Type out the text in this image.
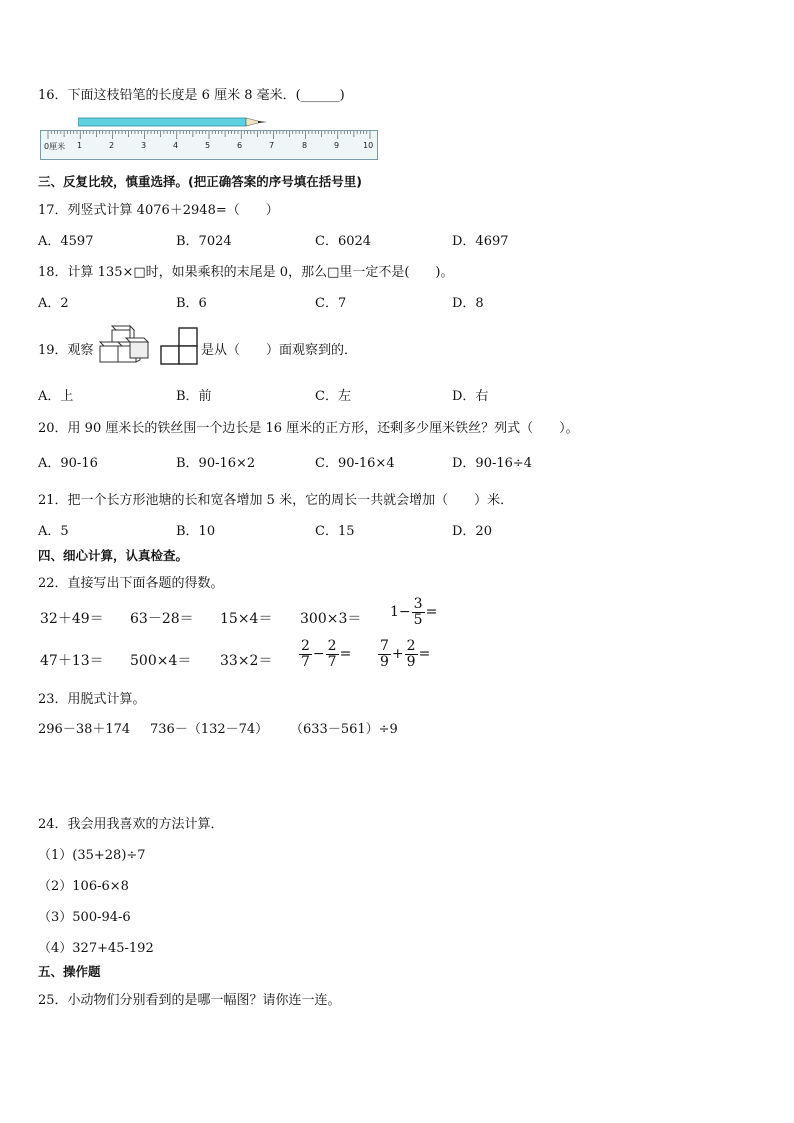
16．下面这枝铅笔的长度是 6 厘米 8 毫米．(______)
0厘米 1	2	3	4	5	6	7	8	9	10
三、反复比较，慎重选择。(把正确答案的序号填在括号里)
17．列竖式计算 4076＋2948=（　　）
A．4597	B．7024	C．6024	D．4697
18．计算 135×□时，如果乘积的末尾是 0，那么□里一定不是(　　)。
A．2	B．6	C．7	D．8
19．观察	是从（　　）面观察到的．
A．上	B．前	C．左	D．右
20．用 90 厘米长的铁丝围一个边长是 16 厘米的正方形，还剩多少厘米铁丝？列式（　　）。
A．90-16	B．90-16×2	C．90-16×4	D．90-16÷4
21．把一个长方形池塘的长和宽各增加 5 米，它的周长一共就会增加（　　）米．
A．5	B．10	C．15	D．20
四、细心计算，认真检查。
22．直接写出下面各题的得数。
$32+49= 63-28= 15\times 4= 300\times 3= 1- \frac{3}{5}$ =
$47+13= 500\times 4= 33\times 2= \frac{2}{7} - \frac{2}{7} = \frac{7}{9} + \frac{2}{9}$ =
23．用脱式计算。
296－38＋174 736－（132－74） （633－561）÷9
24．我会用我喜欢的方法计算．
（1）(35+28)÷7
（2）106-6×8
（3）500-94-6
（4）327+45-192
五、操作题
25．小动物们分别看到的是哪一幅图？请你连一连。
